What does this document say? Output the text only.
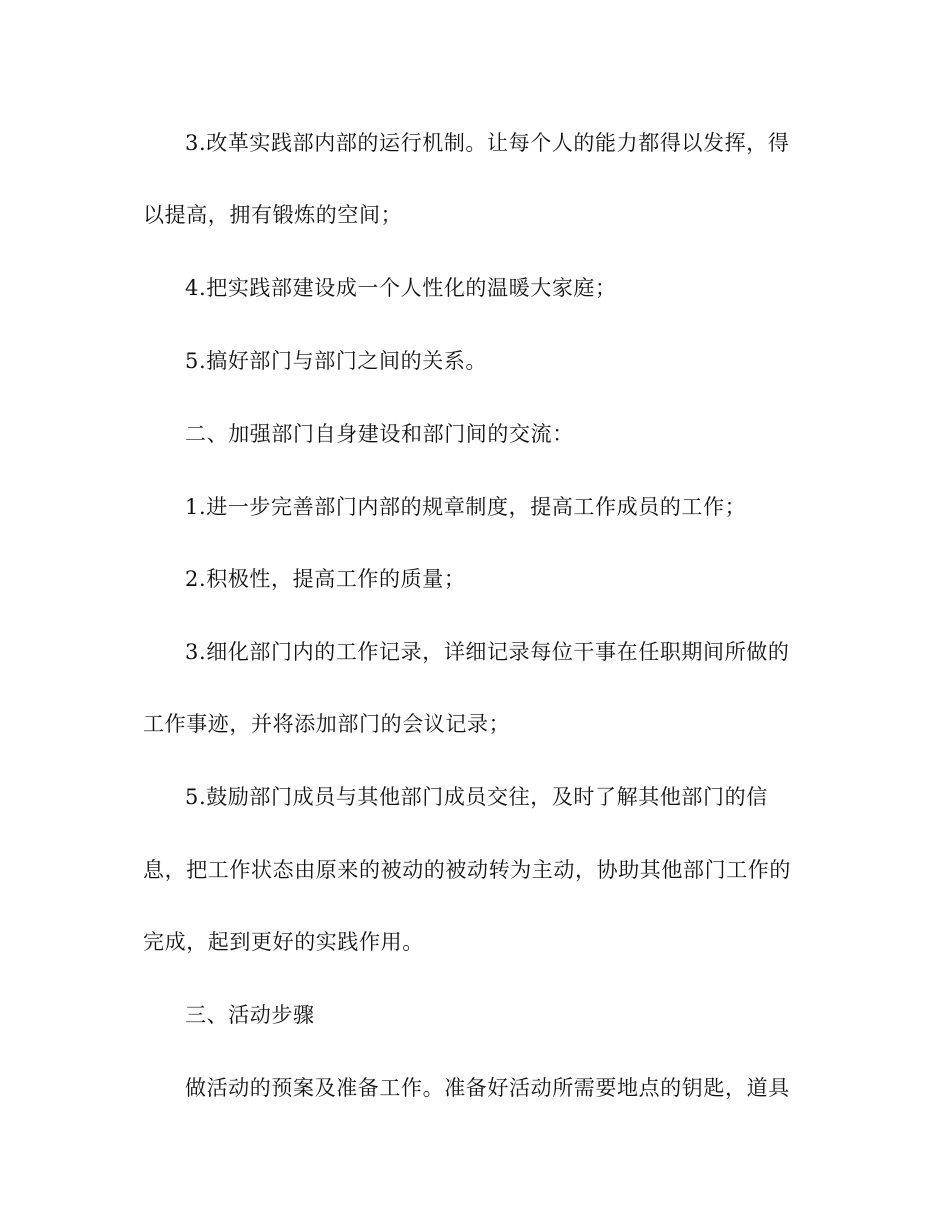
3.改革实践部内部的运行机制。让每个人的能力都得以发挥，得
以提高，拥有锻炼的空间；
4.把实践部建设成一个人性化的温暖大家庭；
5.搞好部门与部门之间的关系。
二、加强部门自身建设和部门间的交流：
1.进一步完善部门内部的规章制度，提高工作成员的工作；
2.积极性，提高工作的质量；
3.细化部门内的工作记录，详细记录每位干事在任职期间所做的
工作事迹，并将添加部门的会议记录；
5.鼓励部门成员与其他部门成员交往，及时了解其他部门的信
息，把工作状态由原来的被动的被动转为主动，协助其他部门工作的
完成，起到更好的实践作用。
三、活动步骤
做活动的预案及准备工作。准备好活动所需要地点的钥匙，道具
